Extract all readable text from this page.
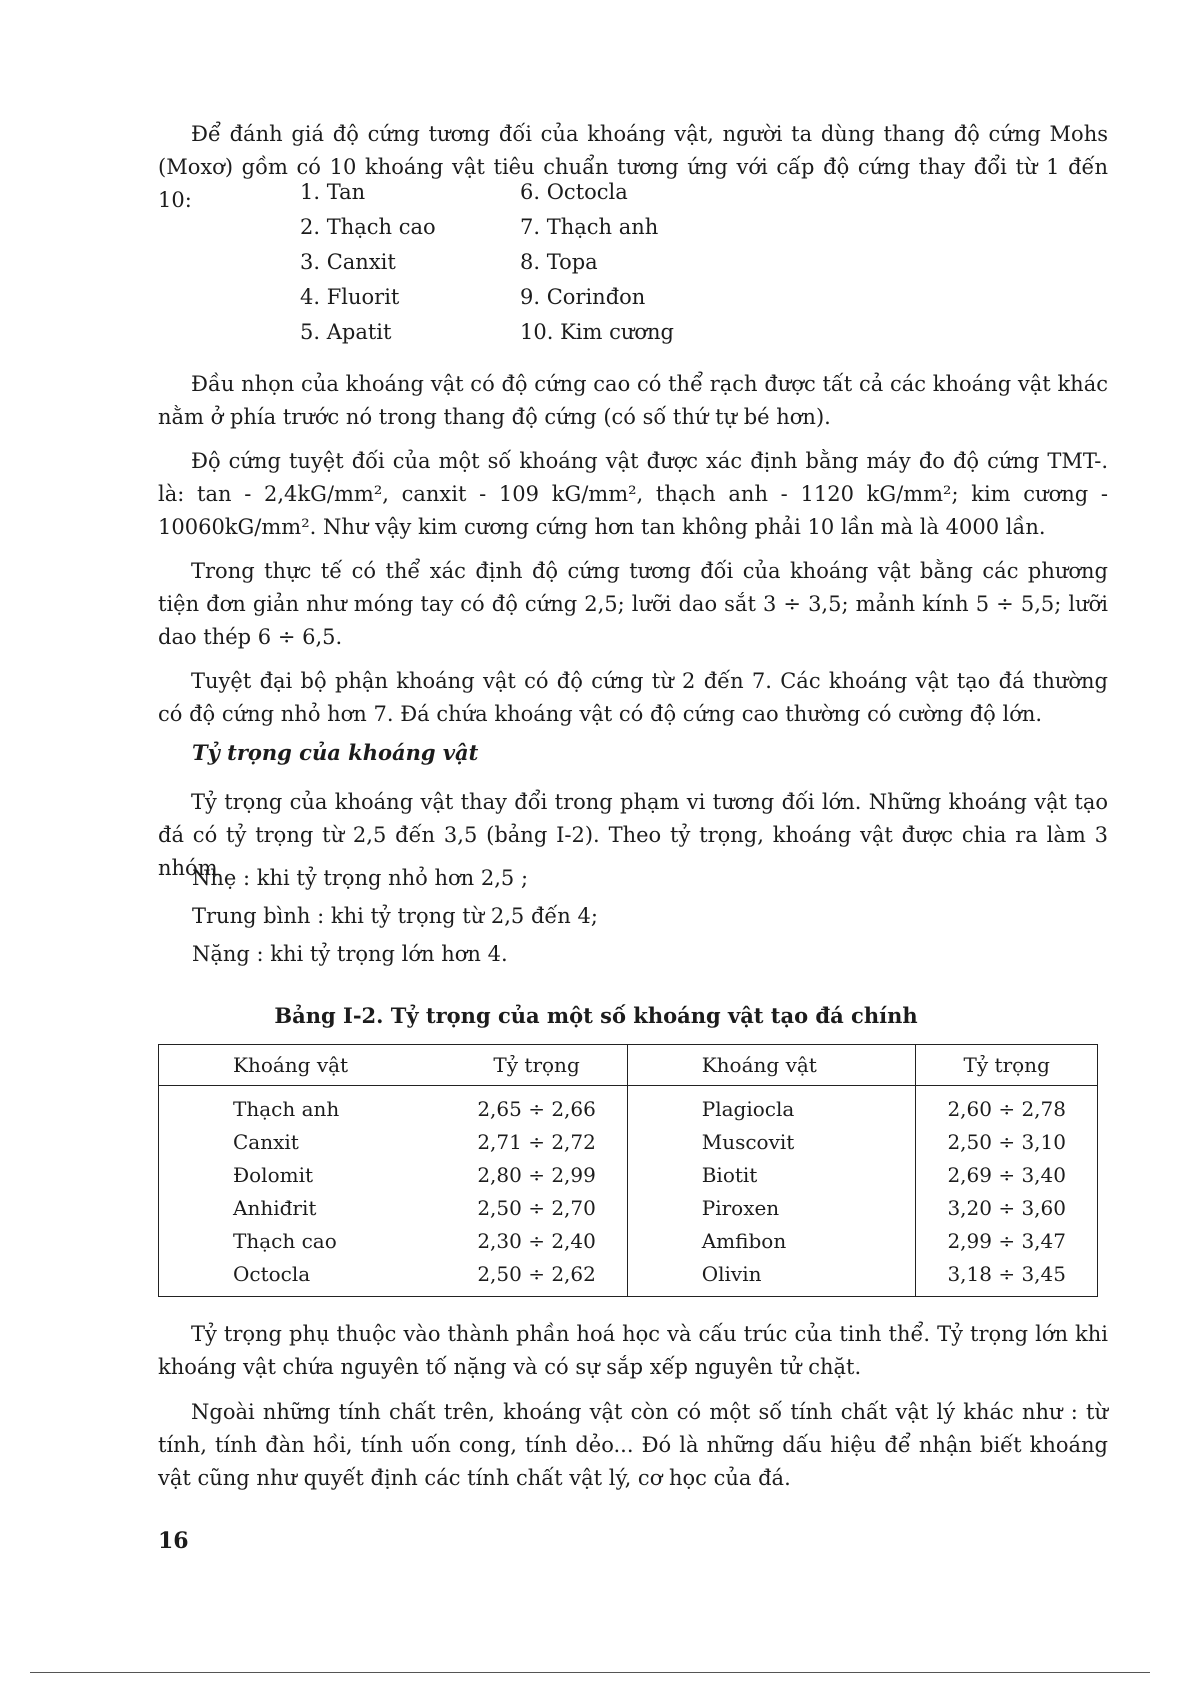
Để đánh giá độ cứng tương đối của khoáng vật, người ta dùng thang độ cứng Mohs (Moxơ) gồm có 10 khoáng vật tiêu chuẩn tương ứng với cấp độ cứng thay đổi từ 1 đến 10:	1. Tan	6. Octocla
2. Thạch cao	7. Thạch anh
3. Canxit	8. Topa
4. Fluorit	9. Corinđon
5. Apatit	10. Kim cương

Đầu nhọn của khoáng vật có độ cứng cao có thể rạch được tất cả các khoáng vật khác nằm ở phía trước nó trong thang độ cứng (có số thứ tự bé hơn).

Độ cứng tuyệt đối của một số khoáng vật được xác định bằng máy đo độ cứng TMT-. là: tan - 2,4kG/mm², canxit - 109 kG/mm², thạch anh - 1120 kG/mm²; kim cương - 10060kG/mm². Như vậy kim cương cứng hơn tan không phải 10 lần mà là 4000 lần.

Trong thực tế có thể xác định độ cứng tương đối của khoáng vật bằng các phương tiện đơn giản như móng tay có độ cứng 2,5; lưỡi dao sắt 3 ÷ 3,5; mảnh kính 5 ÷ 5,5; lưỡi dao thép 6 ÷ 6,5.

Tuyệt đại bộ phận khoáng vật có độ cứng từ 2 đến 7. Các khoáng vật tạo đá thường có độ cứng nhỏ hơn 7. Đá chứa khoáng vật có độ cứng cao thường có cường độ lớn.

Tỷ trọng của khoáng vật

Tỷ trọng của khoáng vật thay đổi trong phạm vi tương đối lớn. Những khoáng vật tạo đá có tỷ trọng từ 2,5 đến 3,5 (bảng I-2). Theo tỷ trọng, khoáng vật được chia ra làm 3 nhóm

Nhẹ : khi tỷ trọng nhỏ hơn 2,5 ;

Trung bình : khi tỷ trọng từ 2,5 đến 4;

Nặng : khi tỷ trọng lớn hơn 4.

Bảng I-2. Tỷ trọng của một số khoáng vật tạo đá chính

Khoáng vật	Tỷ trọng	Khoáng vật	Tỷ trọng
Thạch anh	2,65 ÷ 2,66	Plagiocla	2,60 ÷ 2,78
Canxit	2,71 ÷ 2,72	Muscovit	2,50 ÷ 3,10
Đolomit	2,80 ÷ 2,99	Biotit	2,69 ÷ 3,40
Anhiđrit	2,50 ÷ 2,70	Piroxen	3,20 ÷ 3,60
Thạch cao	2,30 ÷ 2,40	Amfibon	2,99 ÷ 3,47
Octocla	2,50 ÷ 2,62	Olivin	3,18 ÷ 3,45

Tỷ trọng phụ thuộc vào thành phần hoá học và cấu trúc của tinh thể. Tỷ trọng lớn khi khoáng vật chứa nguyên tố nặng và có sự sắp xếp nguyên tử chặt.

Ngoài những tính chất trên, khoáng vật còn có một số tính chất vật lý khác như : từ tính, tính đàn hồi, tính uốn cong, tính dẻo... Đó là những dấu hiệu để nhận biết khoáng vật cũng như quyết định các tính chất vật lý, cơ học của đá.

16
